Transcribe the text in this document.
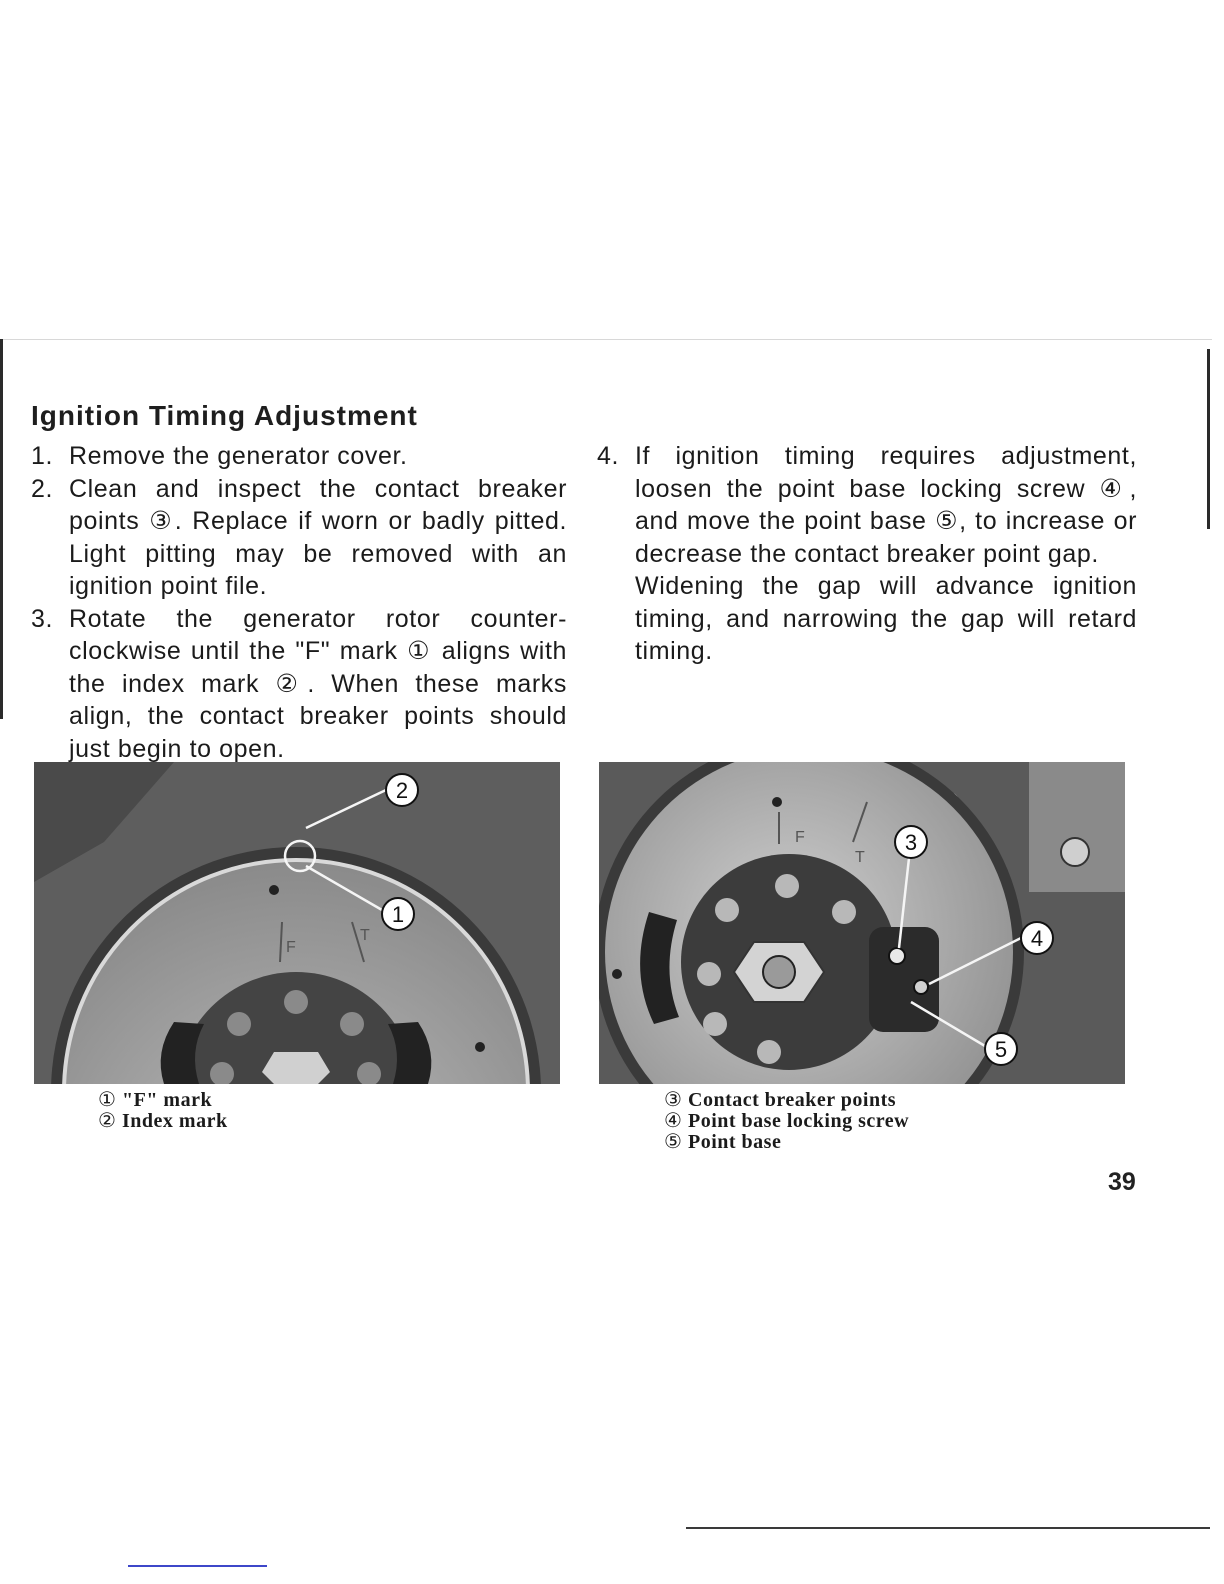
Ignition Timing Adjustment
1. Remove the generator cover.
2. Clean and inspect the contact breaker points ③. Replace if worn or badly pitted. Light pitting may be removed with an ignition point file.
3. Rotate the generator rotor counter-clockwise until the "F" mark ① aligns with the index mark ②. When these marks align, the contact breaker points should just begin to open.
4. If ignition timing requires adjustment, loosen the point base locking screw ④, and move the point base ⑤, to increase or decrease the contact breaker point gap.
Widening the gap will advance ignition timing, and narrowing the gap will retard timing.
F
T
2
1
① "F" mark
② Index mark
F
T
3
4
5
③ Contact breaker points
④ Point base locking screw
⑤ Point base
39
